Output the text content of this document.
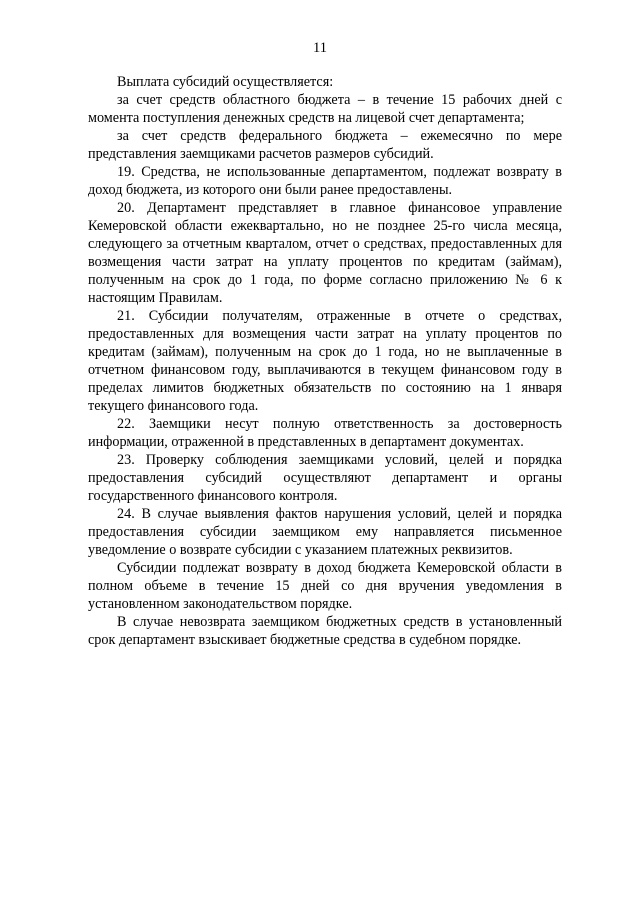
11

Выплата субсидий осуществляется:

за счет средств областного бюджета – в течение 15 рабочих дней с момента поступления денежных средств на лицевой счет департамента;

за счет средств федерального бюджета – ежемесячно по мере представления заемщиками расчетов размеров субсидий.

19. Средства, не использованные департаментом, подлежат возврату в доход бюджета, из которого они были ранее предоставлены.

20. Департамент представляет в главное финансовое управление Кемеровской области ежеквартально, но не позднее 25-го числа месяца, следующего за отчетным кварталом, отчет о средствах, предоставленных для возмещения части затрат на уплату процентов по кредитам (займам), полученным на срок до 1 года, по форме согласно приложению № 6 к настоящим Правилам.

21. Субсидии получателям, отраженные в отчете о средствах, предоставленных для возмещения части затрат на уплату процентов по кредитам (займам), полученным на срок до 1 года, но не выплаченные в отчетном финансовом году, выплачиваются в текущем финансовом году в пределах лимитов бюджетных обязательств по состоянию на 1 января текущего финансового года.

22. Заемщики несут полную ответственность за достоверность информации, отраженной в представленных в департамент документах.

23. Проверку соблюдения заемщиками условий, целей и порядка предоставления субсидий осуществляют департамент и органы государственного финансового контроля.

24. В случае выявления фактов нарушения условий, целей и порядка предоставления субсидии заемщиком ему направляется письменное уведомление о возврате субсидии с указанием платежных реквизитов.

Субсидии подлежат возврату в доход бюджета Кемеровской области в полном объеме в течение 15 дней со дня вручения уведомления в установленном законодательством порядке.

В случае невозврата заемщиком бюджетных средств в установленный срок департамент взыскивает бюджетные средства в судебном порядке.
